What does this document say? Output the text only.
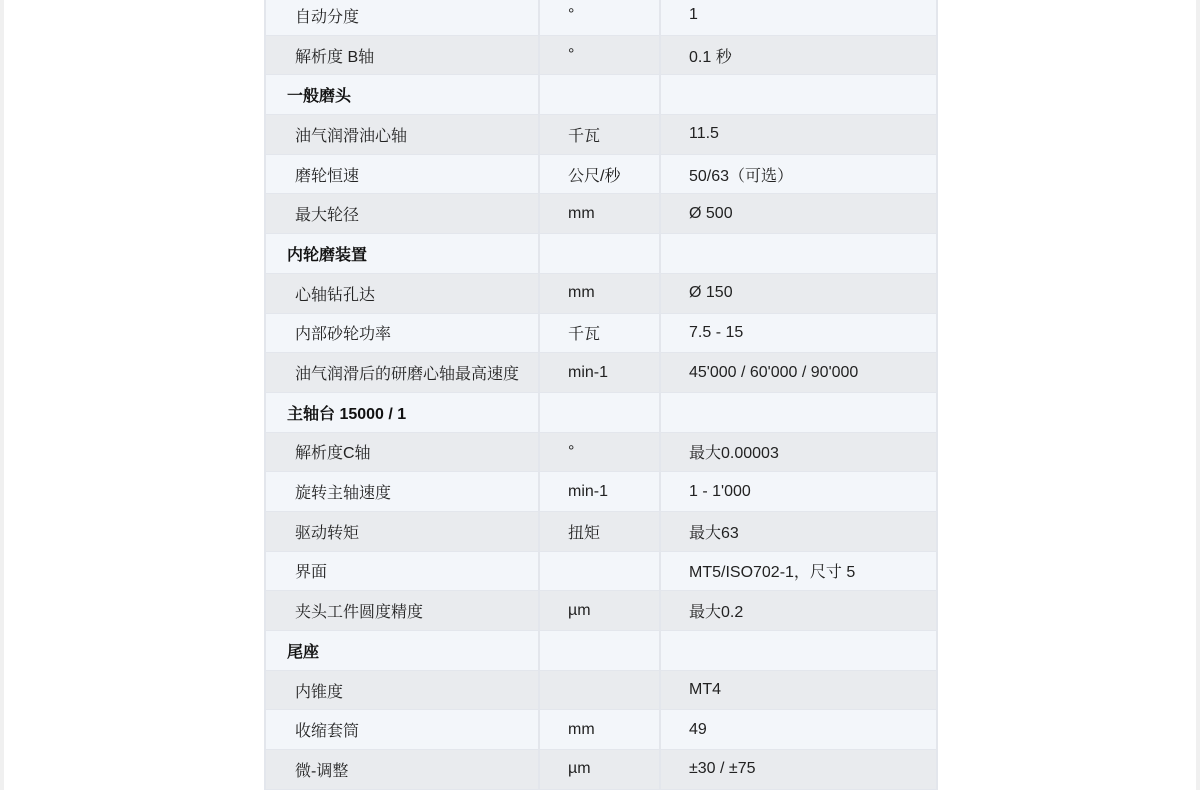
自动分度	°	1
解析度 B轴	°	0.1 秒
一般磨头		
油气润滑油心轴	千瓦	11.5
磨轮恒速	公尺/秒	50/63（可选）
最大轮径	mm	Ø 500
内轮磨装置		
心轴钻孔达	mm	Ø 150
内部砂轮功率	千瓦	7.5 - 15
油气润滑后的研磨心轴最高速度	min-1	45'000 / 60'000 / 90'000
主轴台 15000 / 1		
解析度C轴	°	最大0.00003
旋转主轴速度	min-1	1 - 1'000
驱动转矩	扭矩	最大63
界面		MT5/ISO702-1，尺寸 5
夹头工件圆度精度	µm	最大0.2
尾座		
内锥度		MT4
收缩套筒	mm	49
微-调整	µm	±30 / ±75
